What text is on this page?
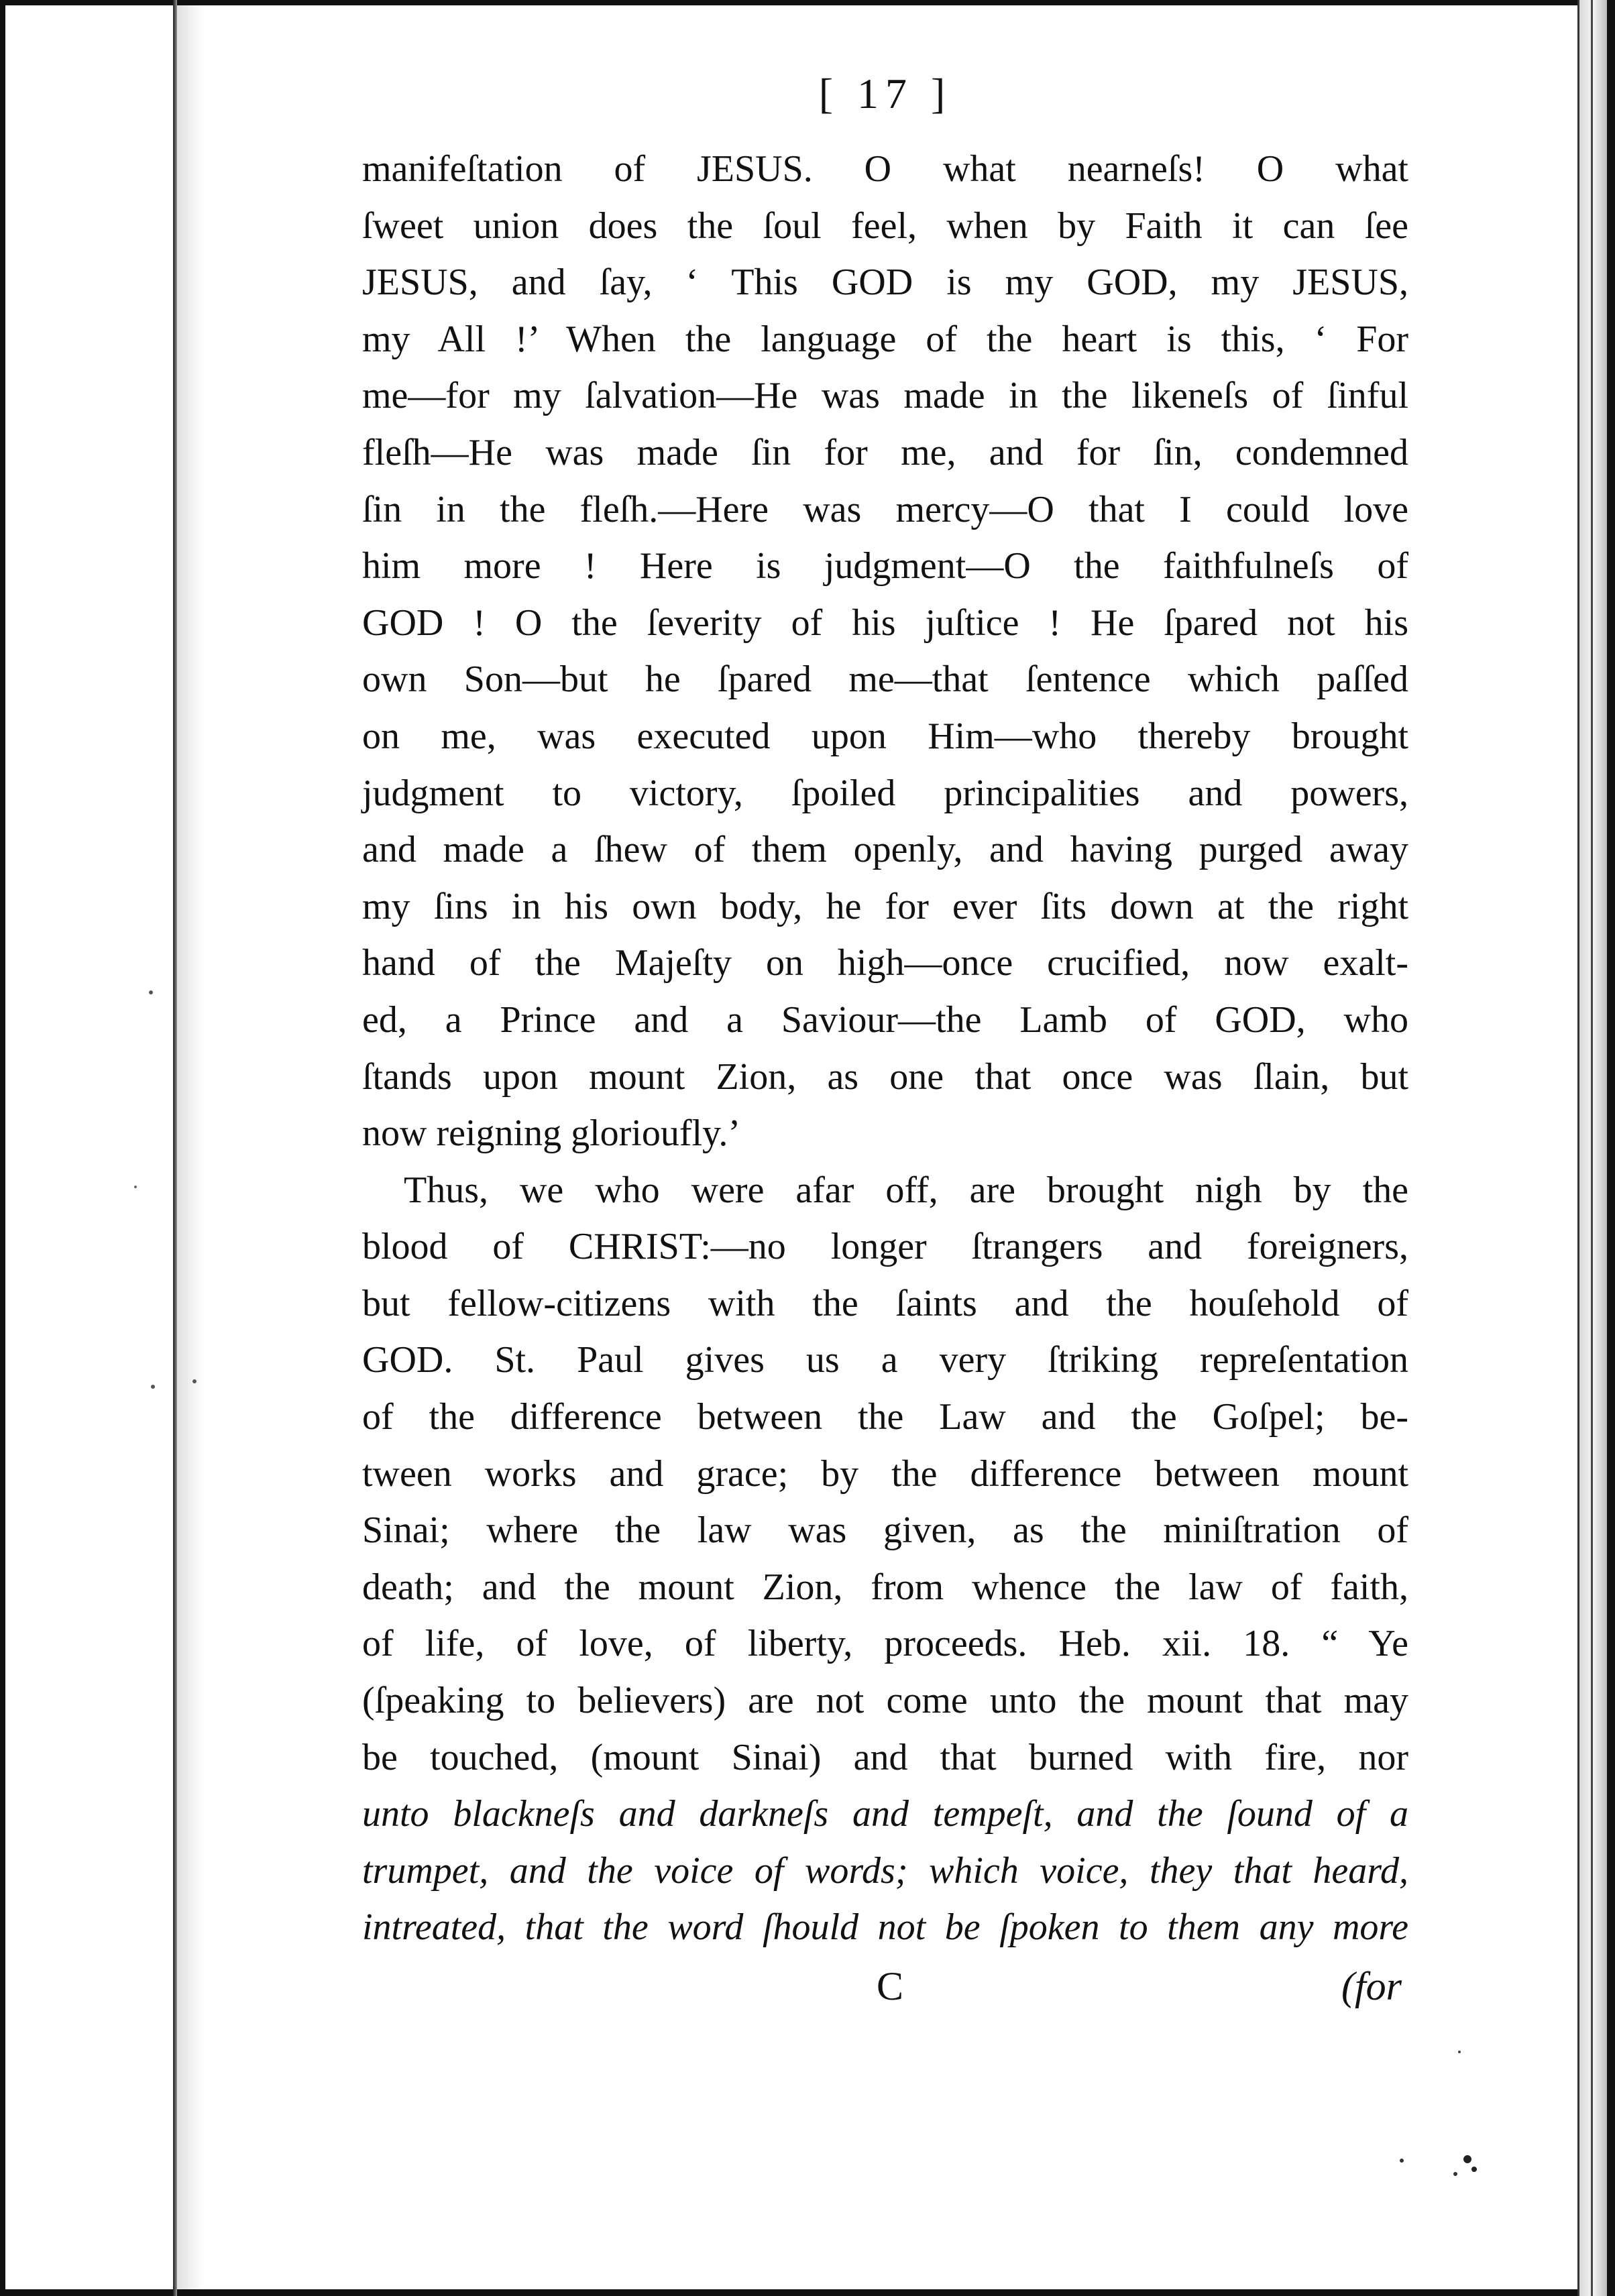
[ 17 ]
manifeſtation of JESUS. O what nearneſs! O what
ſweet union does the ſoul feel, when by Faith it can ſee
JESUS, and ſay, ‘ This GOD is my GOD, my JESUS,
my All !’ When the language of the heart is this, ‘ For
me—for my ſalvation—He was made in the likeneſs of ſinful
fleſh—He was made ſin for me, and for ſin, condemned
ſin in the fleſh.—Here was mercy—O that I could love
him more ! Here is judgment—O the faithfulneſs of
GOD ! O the ſeverity of his juſtice ! He ſpared not his
own Son—but he ſpared me—that ſentence which paſſed
on me, was executed upon Him—who thereby brought
judgment to victory, ſpoiled principalities and powers,
and made a ſhew of them openly, and having purged away
my ſins in his own body, he for ever ſits down at the right
hand of the Majeſty on high—once crucified, now exalt-
ed, a Prince and a Saviour—the Lamb of GOD, who
ſtands upon mount Zion, as one that once was ſlain, but
now reigning glorioufly.’
Thus, we who were afar off, are brought nigh by the
blood of CHRIST:—no longer ſtrangers and foreigners,
but fellow-citizens with the ſaints and the houſehold of
GOD. St. Paul gives us a very ſtriking repreſentation
of the difference between the Law and the Goſpel; be-
tween works and grace; by the difference between mount
Sinai; where the law was given, as the miniſtration of
death; and the mount Zion, from whence the law of faith,
of life, of love, of liberty, proceeds. Heb. xii. 18. “ Ye
(ſpeaking to believers) are not come unto the mount that may
be touched, (mount Sinai) and that burned with fire, nor
unto blackneſs and darkneſs and tempeſt, and the ſound of a
trumpet, and the voice of words; which voice, they that heard,
intreated, that the word ſhould not be ſpoken to them any more
C	(for
